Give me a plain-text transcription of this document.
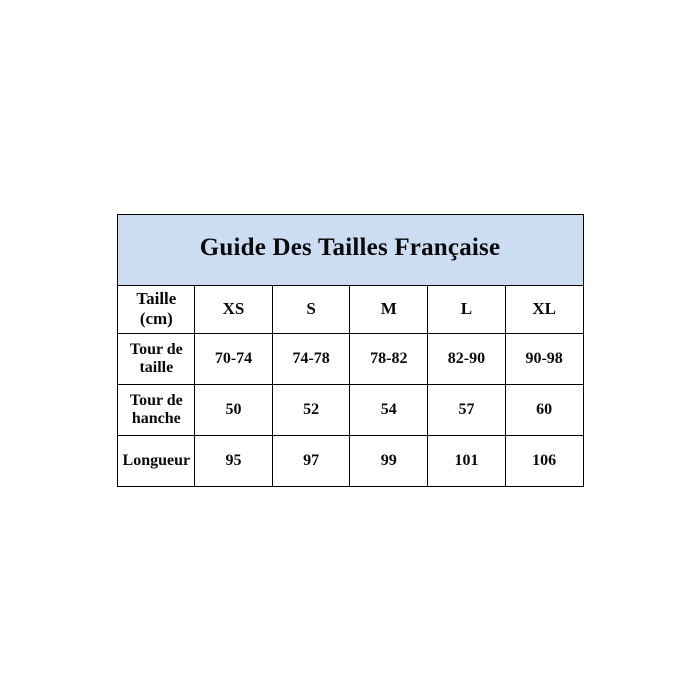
Guide Des Tailles Française					
Taille (cm)	XS	S	M	L	XL
Tour de taille	70-74	74-78	78-82	82-90	90-98
Tour de hanche	50	52	54	57	60
Longueur	95	97	99	101	106
